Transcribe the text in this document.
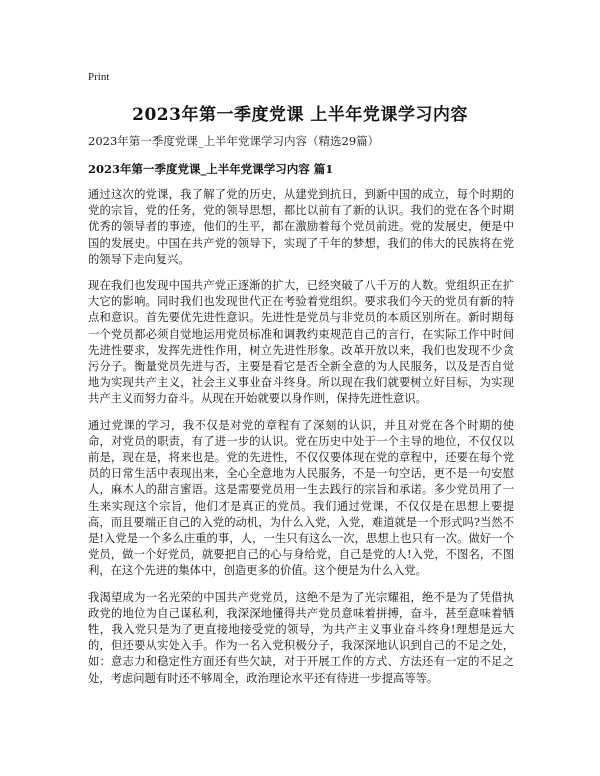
Print
2023年第一季度党课 上半年党课学习内容
2023年第一季度党课_上半年党课学习内容（精选29篇）
2023年第一季度党课_上半年党课学习内容 篇1

通过这次的党课，我了解了党的历史，从建党到抗日，到新中国的成立，每个时期的党的宗旨，党的任务，党的领导思想，都比以前有了新的认识。我们的党在各个时期优秀的领导者的事迹，他们的生平，都在激励着每个党员前进。党的发展史，便是中国的发展史。中国在共产党的领导下，实现了千年的梦想，我们的伟大的民族将在党的领导下走向复兴。

现在我们也发现中国共产党正逐渐的扩大，已经突破了八千万的人数。党组织正在扩大它的影响。同时我们也发现世代正在考验着党组织。要求我们今天的党员有新的特点和意识。首先要优先进性意识。先进性是党员与非党员的本质区别所在。新时期每一个党员都必须自觉地运用党员标准和调教约束规范自己的言行，在实际工作中时间先进性要求，发挥先进性作用，树立先进性形象。改革开放以来，我们也发现不少贪污分子。衡量党员先进与否，主要是看它是否全新全意的为人民服务，以及是否自觉地为实现共产主义，社会主义事业奋斗终身。所以现在我们就要树立好目标，为实现共产主义而努力奋斗。从现在开始就要以身作则，保持先进性意识。

通过党课的学习，我不仅是对党的章程有了深刻的认识，并且对党在各个时期的使命，对党员的职责，有了进一步的认识。党在历史中处于一个主导的地位，不仅仅以前是，现在是，将来也是。党的先进性，不仅仅要体现在党的章程中，还要在每个党员的日常生活中表现出来，全心全意地为人民服务，不是一句空话，更不是一句安慰人，麻木人的甜言蜜语。这是需要党员用一生去践行的宗旨和承诺。多少党员用了一生来实现这个宗旨，他们才是真正的党员。我们通过党课，不仅仅是在思想上要提高，而且要端正自己的入党的动机，为什么入党，入党，难道就是一个形式吗?当然不是!入党是一个多么庄重的事，人，一生只有这么一次，思想上也只有一次。做好一个党员，做一个好党员，就要把自己的心与身给党，自己是党的人!入党，不图名，不图利，在这个先进的集体中，创造更多的价值。这个便是为什么入党。

我渴望成为一名光荣的中国共产党党员，这绝不是为了光宗耀祖，绝不是为了凭借执政党的地位为自己谋私利，我深深地懂得共产党员意味着拼搏，奋斗，甚至意味着牺牲，我入党只是为了更直接地接受党的领导，为共产主义事业奋斗终身!理想是远大的，但还要从实处入手。作为一名入党积极分子，我深深地认识到自己的不足之处，如：意志力和稳定性方面还有些欠缺，对于开展工作的方式、方法还有一定的不足之处，考虑问题有时还不够周全，政治理论水平还有待进一步提高等等。
